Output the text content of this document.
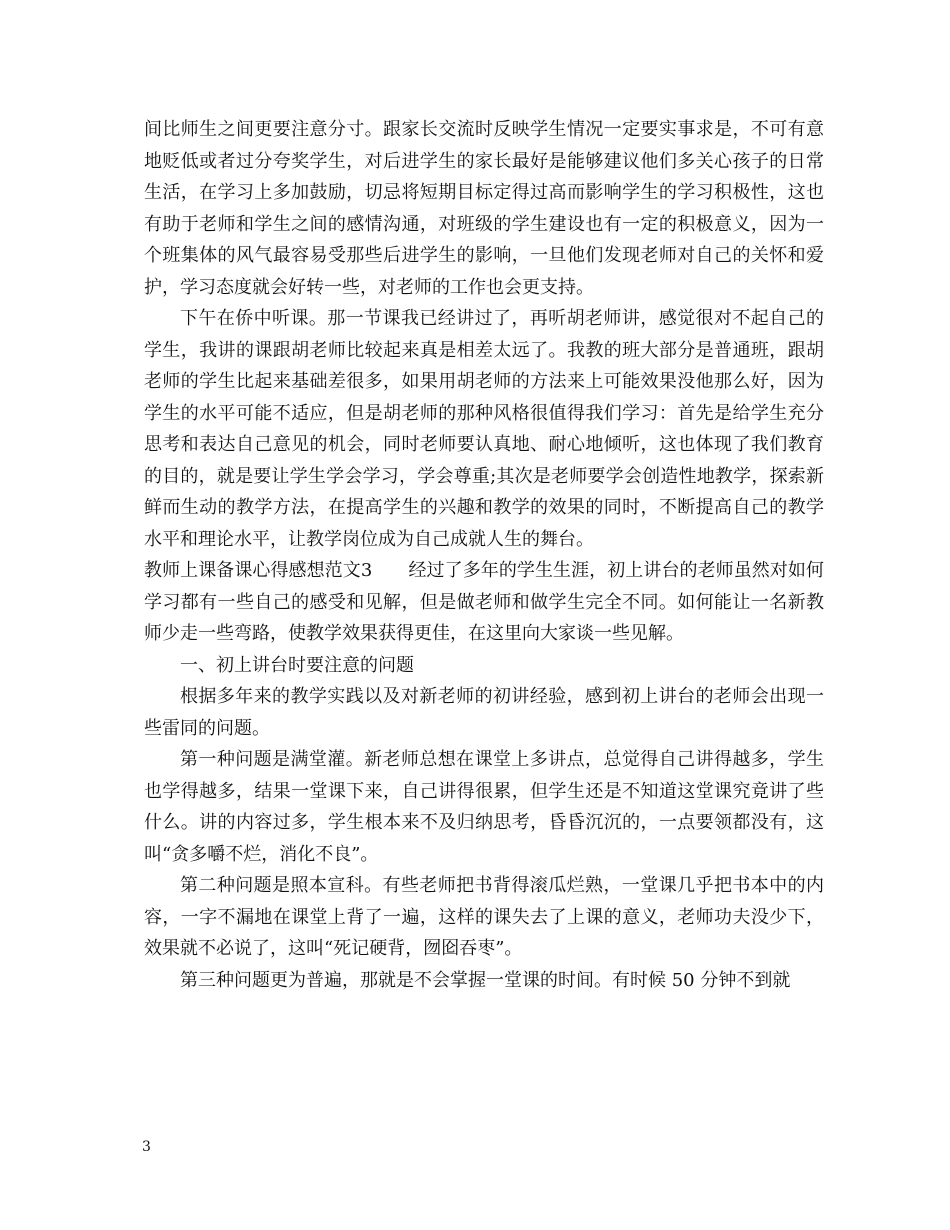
间比师生之间更要注意分寸。跟家长交流时反映学生情况一定要实事求是，不可有意地贬低或者过分夸奖学生，对后进学生的家长最好是能够建议他们多关心孩子的日常生活，在学习上多加鼓励，切忌将短期目标定得过高而影响学生的学习积极性，这也有助于老师和学生之间的感情沟通，对班级的学生建设也有一定的积极意义，因为一个班集体的风气最容易受那些后进学生的影响，一旦他们发现老师对自己的关怀和爱护，学习态度就会好转一些，对老师的工作也会更支持。

下午在侨中听课。那一节课我已经讲过了，再听胡老师讲，感觉很对不起自己的学生，我讲的课跟胡老师比较起来真是相差太远了。我教的班大部分是普通班，跟胡老师的学生比起来基础差很多，如果用胡老师的方法来上可能效果没他那么好，因为学生的水平可能不适应，但是胡老师的那种风格很值得我们学习：首先是给学生充分思考和表达自己意见的机会，同时老师要认真地、耐心地倾听，这也体现了我们教育的目的，就是要让学生学会学习，学会尊重;其次是老师要学会创造性地教学，探索新鲜而生动的教学方法，在提高学生的兴趣和教学的效果的同时，不断提高自己的教学水平和理论水平，让教学岗位成为自己成就人生的舞台。

教师上课备课心得感想范文3　　经过了多年的学生生涯，初上讲台的老师虽然对如何学习都有一些自己的感受和见解，但是做老师和做学生完全不同。如何能让一名新教师少走一些弯路，使教学效果获得更佳，在这里向大家谈一些见解。

一、初上讲台时要注意的问题

根据多年来的教学实践以及对新老师的初讲经验，感到初上讲台的老师会出现一些雷同的问题。

第一种问题是满堂灌。新老师总想在课堂上多讲点，总觉得自己讲得越多，学生也学得越多，结果一堂课下来，自己讲得很累，但学生还是不知道这堂课究竟讲了些什么。讲的内容过多，学生根本来不及归纳思考，昏昏沉沉的，一点要领都没有，这叫“贪多嚼不烂，消化不良”。

第二种问题是照本宣科。有些老师把书背得滚瓜烂熟，一堂课几乎把书本中的内容，一字不漏地在课堂上背了一遍，这样的课失去了上课的意义，老师功夫没少下，效果就不必说了，这叫“死记硬背，囫囵吞枣”。

第三种问题更为普遍，那就是不会掌握一堂课的时间。有时候 50 分钟不到就

3
